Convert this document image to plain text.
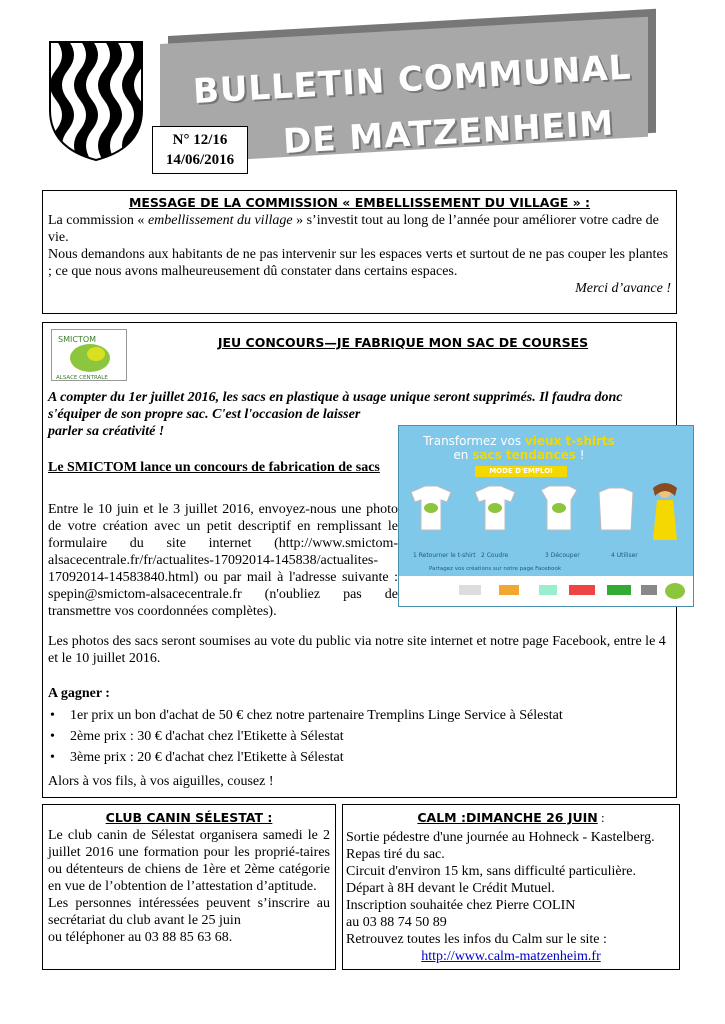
BULLETIN COMMUNAL
DE MATZENHEIM
N° 12/16
14/06/2016
MESSAGE DE LA COMMISSION « EMBELLISSEMENT DU VILLAGE » :
La commission « embellissement du village » s’investit tout au long de l’année pour améliorer votre cadre de vie.
Nous demandons aux habitants de ne pas intervenir sur les espaces verts et surtout de ne pas couper les plantes ; ce que nous avons malheureusement dû constater dans certains espaces.
Merci d’avance !
SMICTOM
ALSACE CENTRALE
JEU CONCOURS—JE FABRIQUE MON SAC DE COURSES
A compter du 1er juillet 2016, les sacs en plastique à usage unique seront supprimés. Il faudra donc
s'équiper de son propre sac. C'est l'occasion de laisser
parler sa créativité !
Le SMICTOM lance un concours de fabrication de sacs
Entre le 10 juin et le 3 juillet 2016, envoyez-nous une photo de votre création avec un petit descriptif en remplissant le formulaire du site internet (http://www.smictom-alsacecentrale.fr/fr/actualites-17092014-145838/actualites-17092014-14583840.html) ou par mail à l'adresse suivante : spepin@smictom-alsacecentrale.fr (n'oubliez pas de transmettre vos coordonnées complètes).
Transformez vos vieux t-shirts
en sacs tendances !
MODE D'EMPLOI
1 Retourner le t-shirt 2 Coudre	3 Découper	4 Utiliser
Partagez vos créations sur notre page Facebook
Les photos des sacs seront soumises au vote du public via notre site internet et notre page Facebook, entre le 4 et le 10 juillet 2016.
A gagner :
• 1er prix un bon d'achat de 50 € chez notre partenaire Tremplins Linge Service à Sélestat
• 2ème prix : 30 € d'achat chez l'Etikette à Sélestat
• 3ème prix : 20 € d'achat chez l'Etikette à Sélestat
Alors à vos fils, à vos aiguilles, cousez !
CLUB CANIN SÉLESTAT :
Le club canin de Sélestat organisera samedi le 2 juillet 2016 une formation pour les proprié-taires ou détenteurs de chiens de 1ère et 2ème catégorie en vue de l’obtention de l’attestation d’aptitude.
Les personnes intéressées peuvent s’inscrire au secrétariat du club avant le 25 juin
ou téléphoner au 03 88 85 63 68.
CALM :DIMANCHE 26 JUIN :
Sortie pédestre d'une journée au Hohneck - Kastelberg.
Repas tiré du sac.
Circuit d'environ 15 km, sans difficulté particulière.
Départ à 8H devant le Crédit Mutuel.
Inscription souhaitée chez Pierre COLIN
au 03 88 74 50 89
Retrouvez toutes les infos du Calm sur le site :
http://www.calm-matzenheim.fr
